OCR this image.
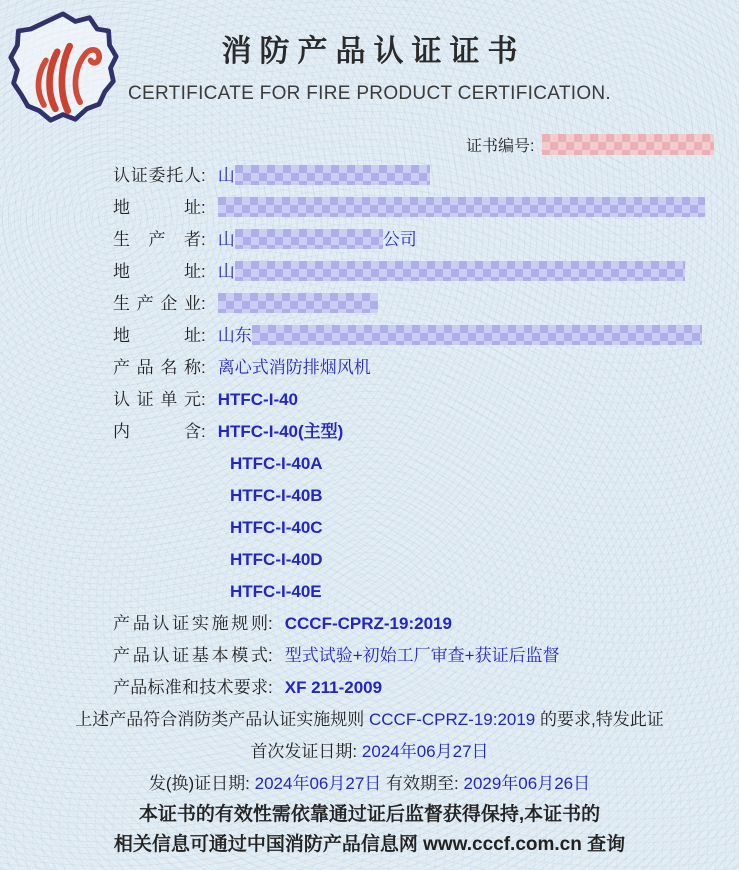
消防产品认证证书
CERTIFICATE FOR FIRE PRODUCT CERTIFICATION.
证书编号:
认证委托人: 山
地址:
生产者: 山	公司
地址: 山
生产企业:
地址: 山东
产品名称: 离心式消防排烟风机
认证单元: HTFC-I-40
内含: HTFC-I-40(主型)
HTFC-I-40A
HTFC-I-40B
HTFC-I-40C
HTFC-I-40D
HTFC-I-40E
产品认证实施规则: CCCF-CPRZ-19:2019
产品认证基本模式: 型式试验+初始工厂审查+获证后监督
产品标准和技术要求: XF 211-2009
上述产品符合消防类产品认证实施规则 CCCF-CPRZ-19:2019 的要求,特发此证
首次发证日期: 2024年06月27日
发(换)证日期: 2024年06月27日 有效期至: 2029年06月26日
本证书的有效性需依靠通过证后监督获得保持,本证书的
相关信息可通过中国消防产品信息网 www.cccf.com.cn 查询
